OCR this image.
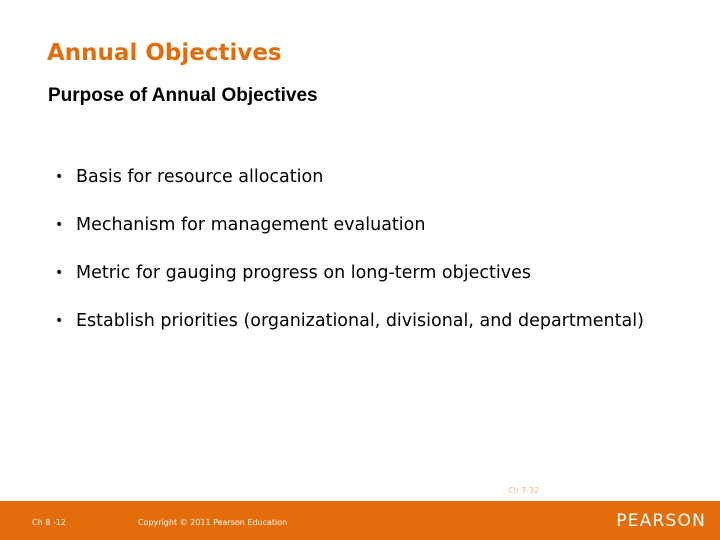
Annual Objectives
Purpose of Annual Objectives
• Basis for resource allocation
• Mechanism for management evaluation
• Metric for gauging progress on long-term objectives
• Establish priorities (organizational, divisional, and departmental)
Ch 7-32
Ch 8 -12	Copyright © 2011 Pearson Education	PEARSON
